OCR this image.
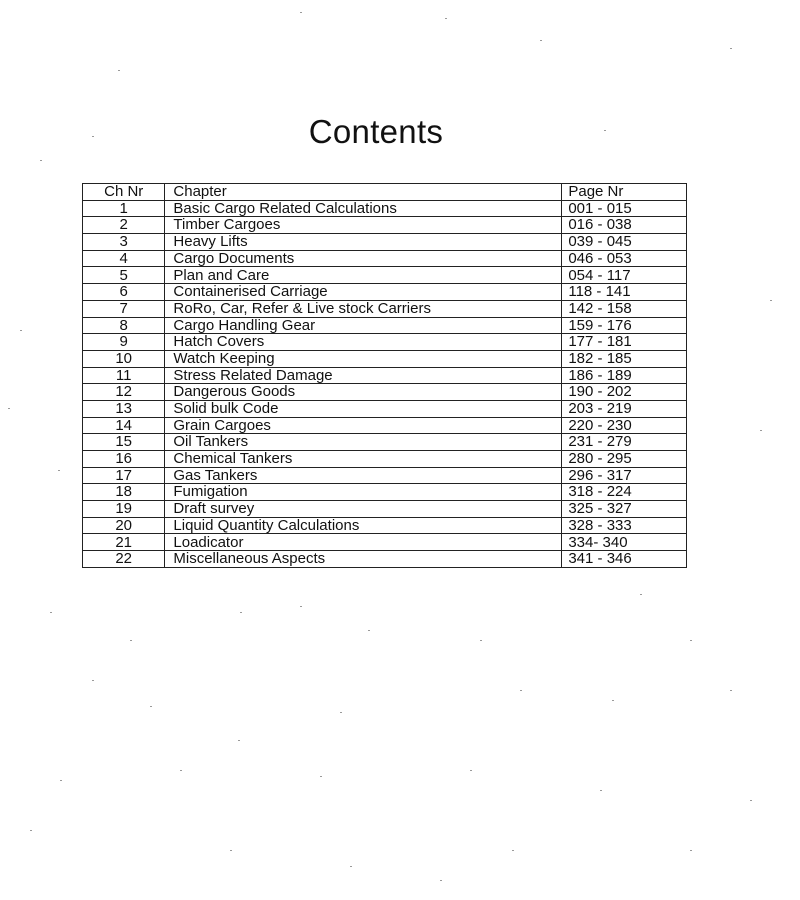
Contents
Ch Nr	Chapter	Page Nr
1	Basic Cargo Related Calculations	001 - 015
2	Timber Cargoes	016 - 038
3	Heavy Lifts	039 - 045
4	Cargo Documents	046 - 053
5	Plan and Care	054 - 117
6	Containerised Carriage	118 - 141
7	RoRo, Car, Refer & Live stock Carriers	142 - 158
8	Cargo Handling Gear	159 - 176
9	Hatch Covers	177 - 181
10	Watch Keeping	182 - 185
11	Stress Related Damage	186 - 189
12	Dangerous Goods	190 - 202
13	Solid bulk Code	203 - 219
14	Grain Cargoes	220 - 230
15	Oil Tankers	231 - 279
16	Chemical Tankers	280 - 295
17	Gas Tankers	296 - 317
18	Fumigation	318 - 224
19	Draft survey	325 - 327
20	Liquid Quantity Calculations	328 - 333
21	Loadicator	334- 340
22	Miscellaneous Aspects	341 - 346
